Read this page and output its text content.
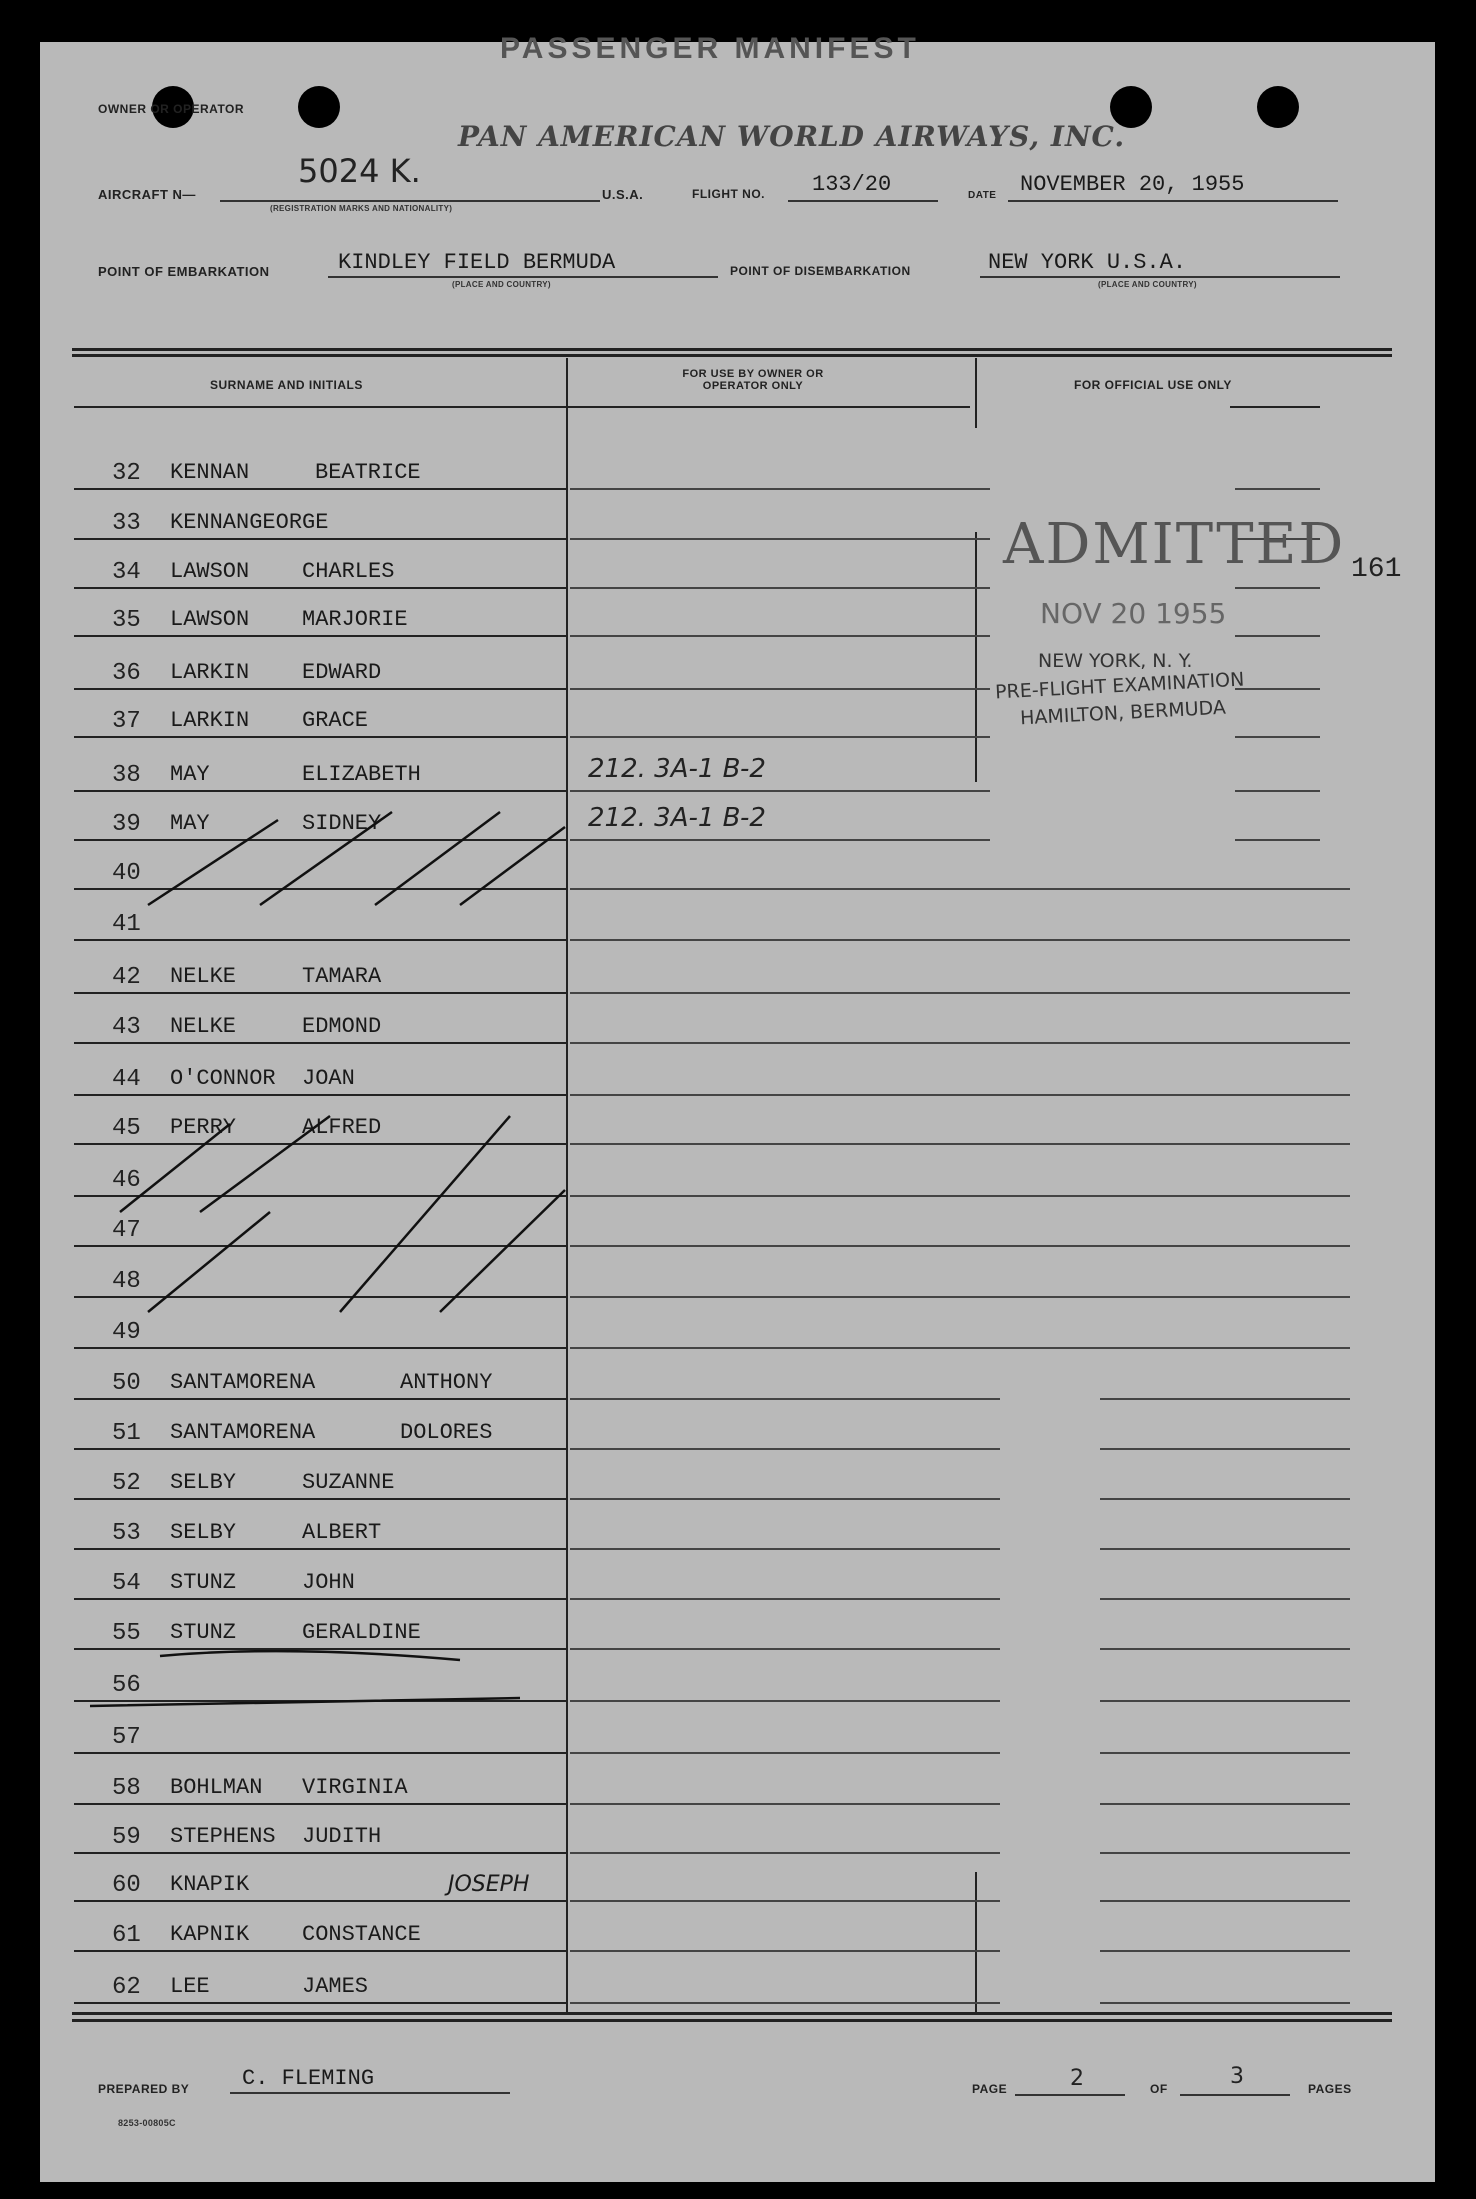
PASSENGER MANIFEST
OWNER OR OPERATOR
PAN AMERICAN WORLD AIRWAYS, INC.
AIRCRAFT N—
5024 K.
(REGISTRATION MARKS AND NATIONALITY)
U.S.A.	FLIGHT NO. 133/20	DATE NOVEMBER 20, 1955
POINT OF EMBARKATION	KINDLEY FIELD BERMUDA
(PLACE AND COUNTRY)
POINT OF DISEMBARKATION	NEW YORK U.S.A.
(PLACE AND COUNTRY)
SURNAME AND INITIALS
FOR USE BY OWNER OR OPERATOR ONLY	FOR OFFICIAL USE ONLY
32	KENNAN	BEATRICE
33	KENNANGEORGE
34	LAWSON CHARLES
35	LAWSON MARJORIE
36	LARKIN EDWARD
37	LARKIN GRACE
38	MAY	ELIZABETH	212. 3A-1 B-2
39	MAY	SIDNEY	212. 3A-1 B-2
40
41
42	NELKE	TAMARA
43	NELKE	EDMOND
44	O'CONNOR JOAN
45	PERRY	ALFRED
46
47
48
49
50	SANTAMORENA	ANTHONY
51	SANTAMORENA	DOLORES
52	SELBY	SUZANNE
53	SELBY	ALBERT
54	STUNZ	JOHN
55	STUNZ	GERALDINE
56
57
58	BOHLMAN VIRGINIA
59	STEPHENS JUDITH
60	KNAPIK	JOSEPH
61	KAPNIK CONSTANCE
62	LEE	JAMES
ADMITTED
NOV 20 1955
NEW YORK, N. Y.
PRE-FLIGHT EXAMINATION
HAMILTON, BERMUDA
161
PREPARED BY C. FLEMING	PAGE	2	OF	3	PAGES
8253-00805C
